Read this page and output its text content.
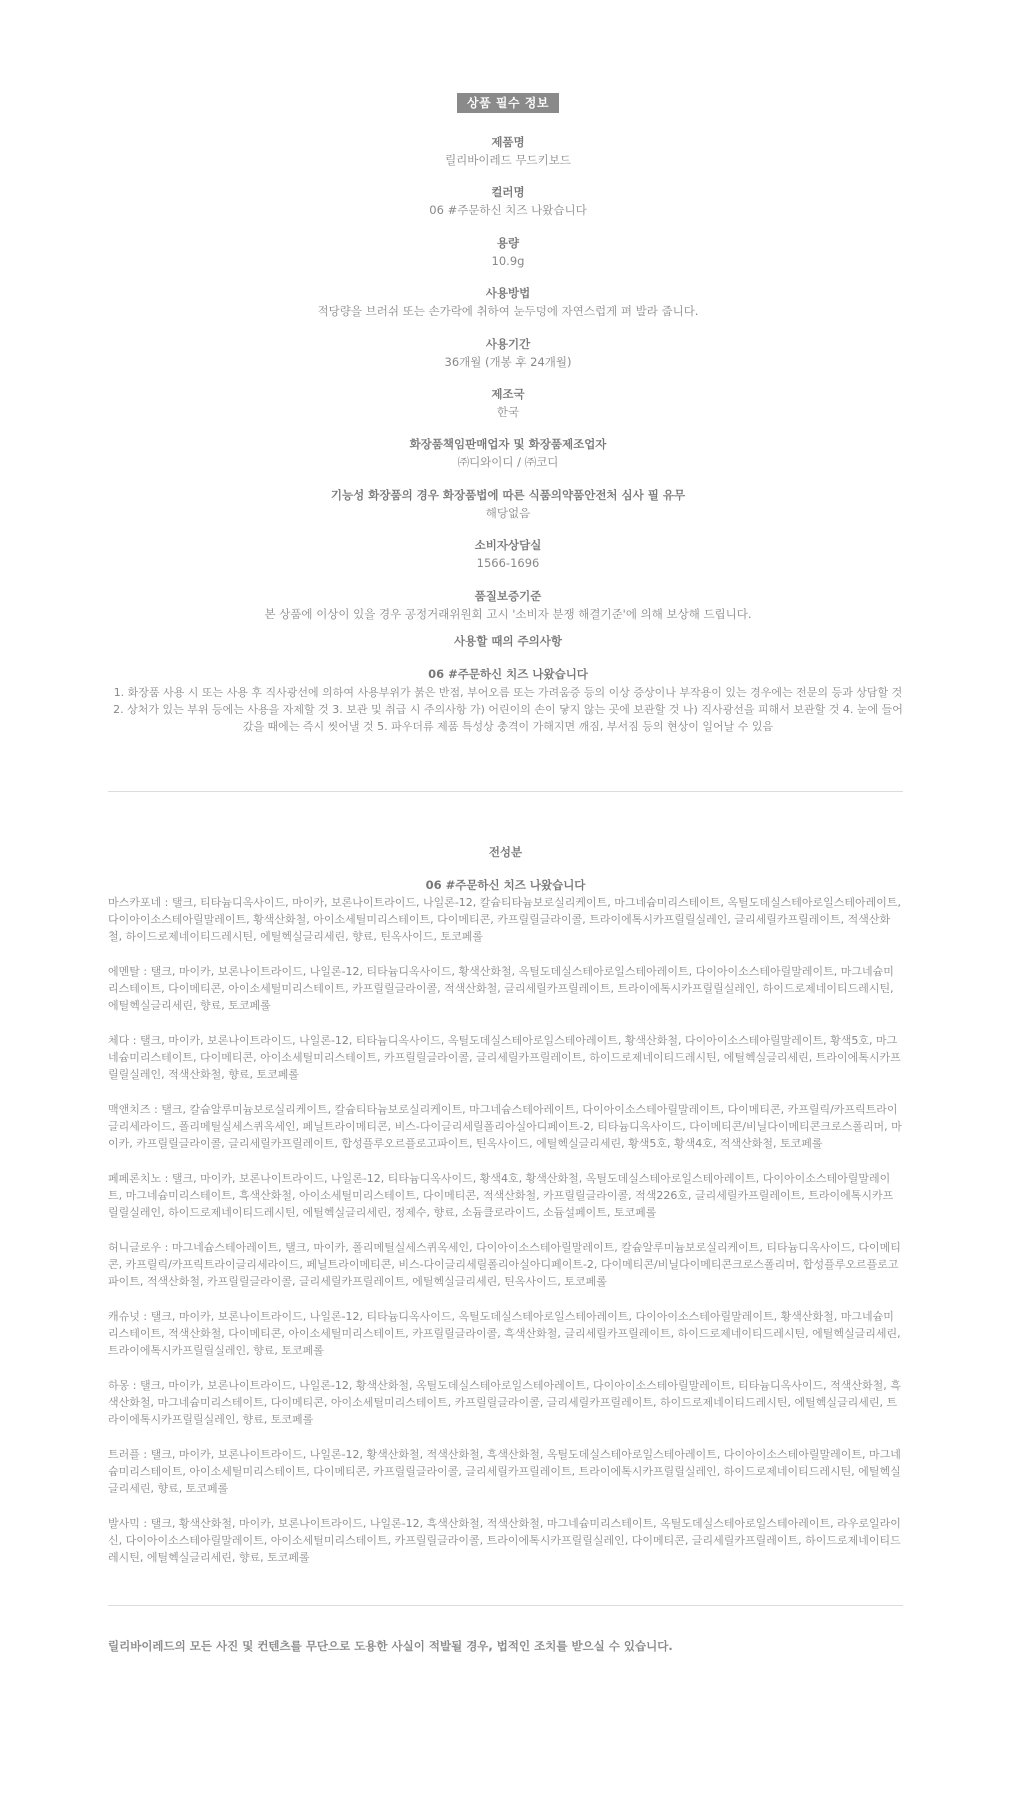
상품 필수 정보
제품명
릴리바이레드 무드키보드
컬러명
06 #주문하신 치즈 나왔습니다
용량
10.9g
사용방법
적당량을 브러쉬 또는 손가락에 취하여 눈두덩에 자연스럽게 펴 발라 줍니다.
사용기간
36개월 (개봉 후 24개월)
제조국
한국
화장품책임판매업자 및 화장품제조업자
㈜디와이디 / ㈜코디
기능성 화장품의 경우 화장품법에 따른 식품의약품안전처 심사 필 유무
해당없음
소비자상담실
1566-1696
품질보증기준
본 상품에 이상이 있을 경우 공정거래위원회 고시 '소비자 분쟁 해결기준'에 의해 보상해 드립니다.
사용할 때의 주의사항
06 #주문하신 치즈 나왔습니다
1. 화장품 사용 시 또는 사용 후 직사광선에 의하여 사용부위가 붉은 반점, 부어오름 또는 가려움증 등의 이상 증상이나 부작용이 있는 경우에는 전문의 등과 상담할 것 2. 상처가 있는 부위 등에는 사용을 자제할 것 3. 보관 및 취급 시 주의사항 가) 어린이의 손이 닿지 않는 곳에 보관할 것 나) 직사광선을 피해서 보관할 것 4. 눈에 들어갔을 때에는 즉시 씻어낼 것 5. 파우더류 제품 특성상 충격이 가해지면 깨짐, 부서짐 등의 현상이 일어날 수 있음
전성분
06 #주문하신 치즈 나왔습니다
마스카포네 : 탤크, 티타늄디옥사이드, 마이카, 보론나이트라이드, 나일론-12, 칼슘티타늄보로실리케이트, 마그네슘미리스테이트, 옥틸도데실스테아로일스테아레이트, 다이아이소스테아릴말레이트, 황색산화철, 아이소세틸미리스테이트, 다이메티콘, 카프릴릴글라이콜, 트라이에톡시카프릴릴실레인, 글리세릴카프릴레이트, 적색산화철, 하이드로제네이티드레시틴, 에틸헥실글리세린, 향료, 틴옥사이드, 토코페롤
에멘탈 : 탤크, 마이카, 보론나이트라이드, 나일론-12, 티타늄디옥사이드, 황색산화철, 옥틸도데실스테아로일스테아레이트, 다이아이소스테아릴말레이트, 마그네슘미리스테이트, 다이메티콘, 아이소세틸미리스테이트, 카프릴릴글라이콜, 적색산화철, 글리세릴카프릴레이트, 트라이에톡시카프릴릴실레인, 하이드로제네이티드레시틴, 에틸헥실글리세린, 향료, 토코페롤
체다 : 탤크, 마이카, 보론나이트라이드, 나일론-12, 티타늄디옥사이드, 옥틸도데실스테아로일스테아레이트, 황색산화철, 다이아이소스테아릴말레이트, 황색5호, 마그네슘미리스테이트, 다이메티콘, 아이소세틸미리스테이트, 카프릴릴글라이콜, 글리세릴카프릴레이트, 하이드로제네이티드레시틴, 에틸헥실글리세린, 트라이에톡시카프릴릴실레인, 적색산화철, 향료, 토코페롤
맥앤치즈 : 탤크, 칼슘알루미늄보로실리케이트, 칼슘티타늄보로실리케이트, 마그네슘스테아레이트, 다이아이소스테아릴말레이트, 다이메티콘, 카프릴릭/카프릭트라이글리세라이드, 폴리메틸실세스퀴옥세인, 페닐트라이메티콘, 비스-다이글리세릴폴리아실아디페이트-2, 티타늄디옥사이드, 다이메티콘/비닐다이메티콘크로스폴리머, 마이카, 카프릴릴글라이콜, 글리세릴카프릴레이트, 합성플루오르플로고파이트, 틴옥사이드, 에틸헥실글리세린, 황색5호, 황색4호, 적색산화철, 토코페롤
페페론치노 : 탤크, 마이카, 보론나이트라이드, 나일론-12, 티타늄디옥사이드, 황색4호, 황색산화철, 옥틸도데실스테아로일스테아레이트, 다이아이소스테아릴말레이트, 마그네슘미리스테이트, 흑색산화철, 아이소세틸미리스테이트, 다이메티콘, 적색산화철, 카프릴릴글라이콜, 적색226호, 글리세릴카프릴레이트, 트라이에톡시카프릴릴실레인, 하이드로제네이티드레시틴, 에틸헥실글리세린, 정제수, 향료, 소듐클로라이드, 소듐설페이트, 토코페롤
허니글로우 : 마그네슘스테아레이트, 탤크, 마이카, 폴리메틸실세스퀴옥세인, 다이아이소스테아릴말레이트, 칼슘알루미늄보로실리케이트, 티타늄디옥사이드, 다이메티콘, 카프릴릭/카프릭트라이글리세라이드, 페닐트라이메티콘, 비스-다이글리세릴폴리아실아디페이트-2, 다이메티콘/비닐다이메티콘크로스폴리머, 합성플루오르플로고파이트, 적색산화철, 카프릴릴글라이콜, 글리세릴카프릴레이트, 에틸헥실글리세린, 틴옥사이드, 토코페롤
캐슈넛 : 탤크, 마이카, 보론나이트라이드, 나일론-12, 티타늄디옥사이드, 옥틸도데실스테아로일스테아레이트, 다이아이소스테아릴말레이트, 황색산화철, 마그네슘미리스테이트, 적색산화철, 다이메티콘, 아이소세틸미리스테이트, 카프릴릴글라이콜, 흑색산화철, 글리세릴카프릴레이트, 하이드로제네이티드레시틴, 에틸헥실글리세린, 트라이에톡시카프릴릴실레인, 향료, 토코페롤
하몽 : 탤크, 마이카, 보론나이트라이드, 나일론-12, 황색산화철, 옥틸도데실스테아로일스테아레이트, 다이아이소스테아릴말레이트, 티타늄디옥사이드, 적색산화철, 흑색산화철, 마그네슘미리스테이트, 다이메티콘, 아이소세틸미리스테이트, 카프릴릴글라이콜, 글리세릴카프릴레이트, 하이드로제네이티드레시틴, 에틸헥실글리세린, 트라이에톡시카프릴릴실레인, 향료, 토코페롤
트러플 : 탤크, 마이카, 보론나이트라이드, 나일론-12, 황색산화철, 적색산화철, 흑색산화철, 옥틸도데실스테아로일스테아레이트, 다이아이소스테아릴말레이트, 마그네슘미리스테이트, 아이소세틸미리스테이트, 다이메티콘, 카프릴릴글라이콜, 글리세릴카프릴레이트, 트라이에톡시카프릴릴실레인, 하이드로제네이티드레시틴, 에틸헥실글리세린, 향료, 토코페롤
발사믹 : 탤크, 황색산화철, 마이카, 보론나이트라이드, 나일론-12, 흑색산화철, 적색산화철, 마그네슘미리스테이트, 옥틸도데실스테아로일스테아레이트, 라우로일라이신, 다이아이소스테아릴말레이트, 아이소세틸미리스테이트, 카프릴릴글라이콜, 트라이에톡시카프릴릴실레인, 다이메티콘, 글리세릴카프릴레이트, 하이드로제네이티드레시틴, 에틸헥실글리세린, 향료, 토코페롤
릴리바이레드의 모든 사진 및 컨텐츠를 무단으로 도용한 사실이 적발될 경우, 법적인 조치를 받으실 수 있습니다.
